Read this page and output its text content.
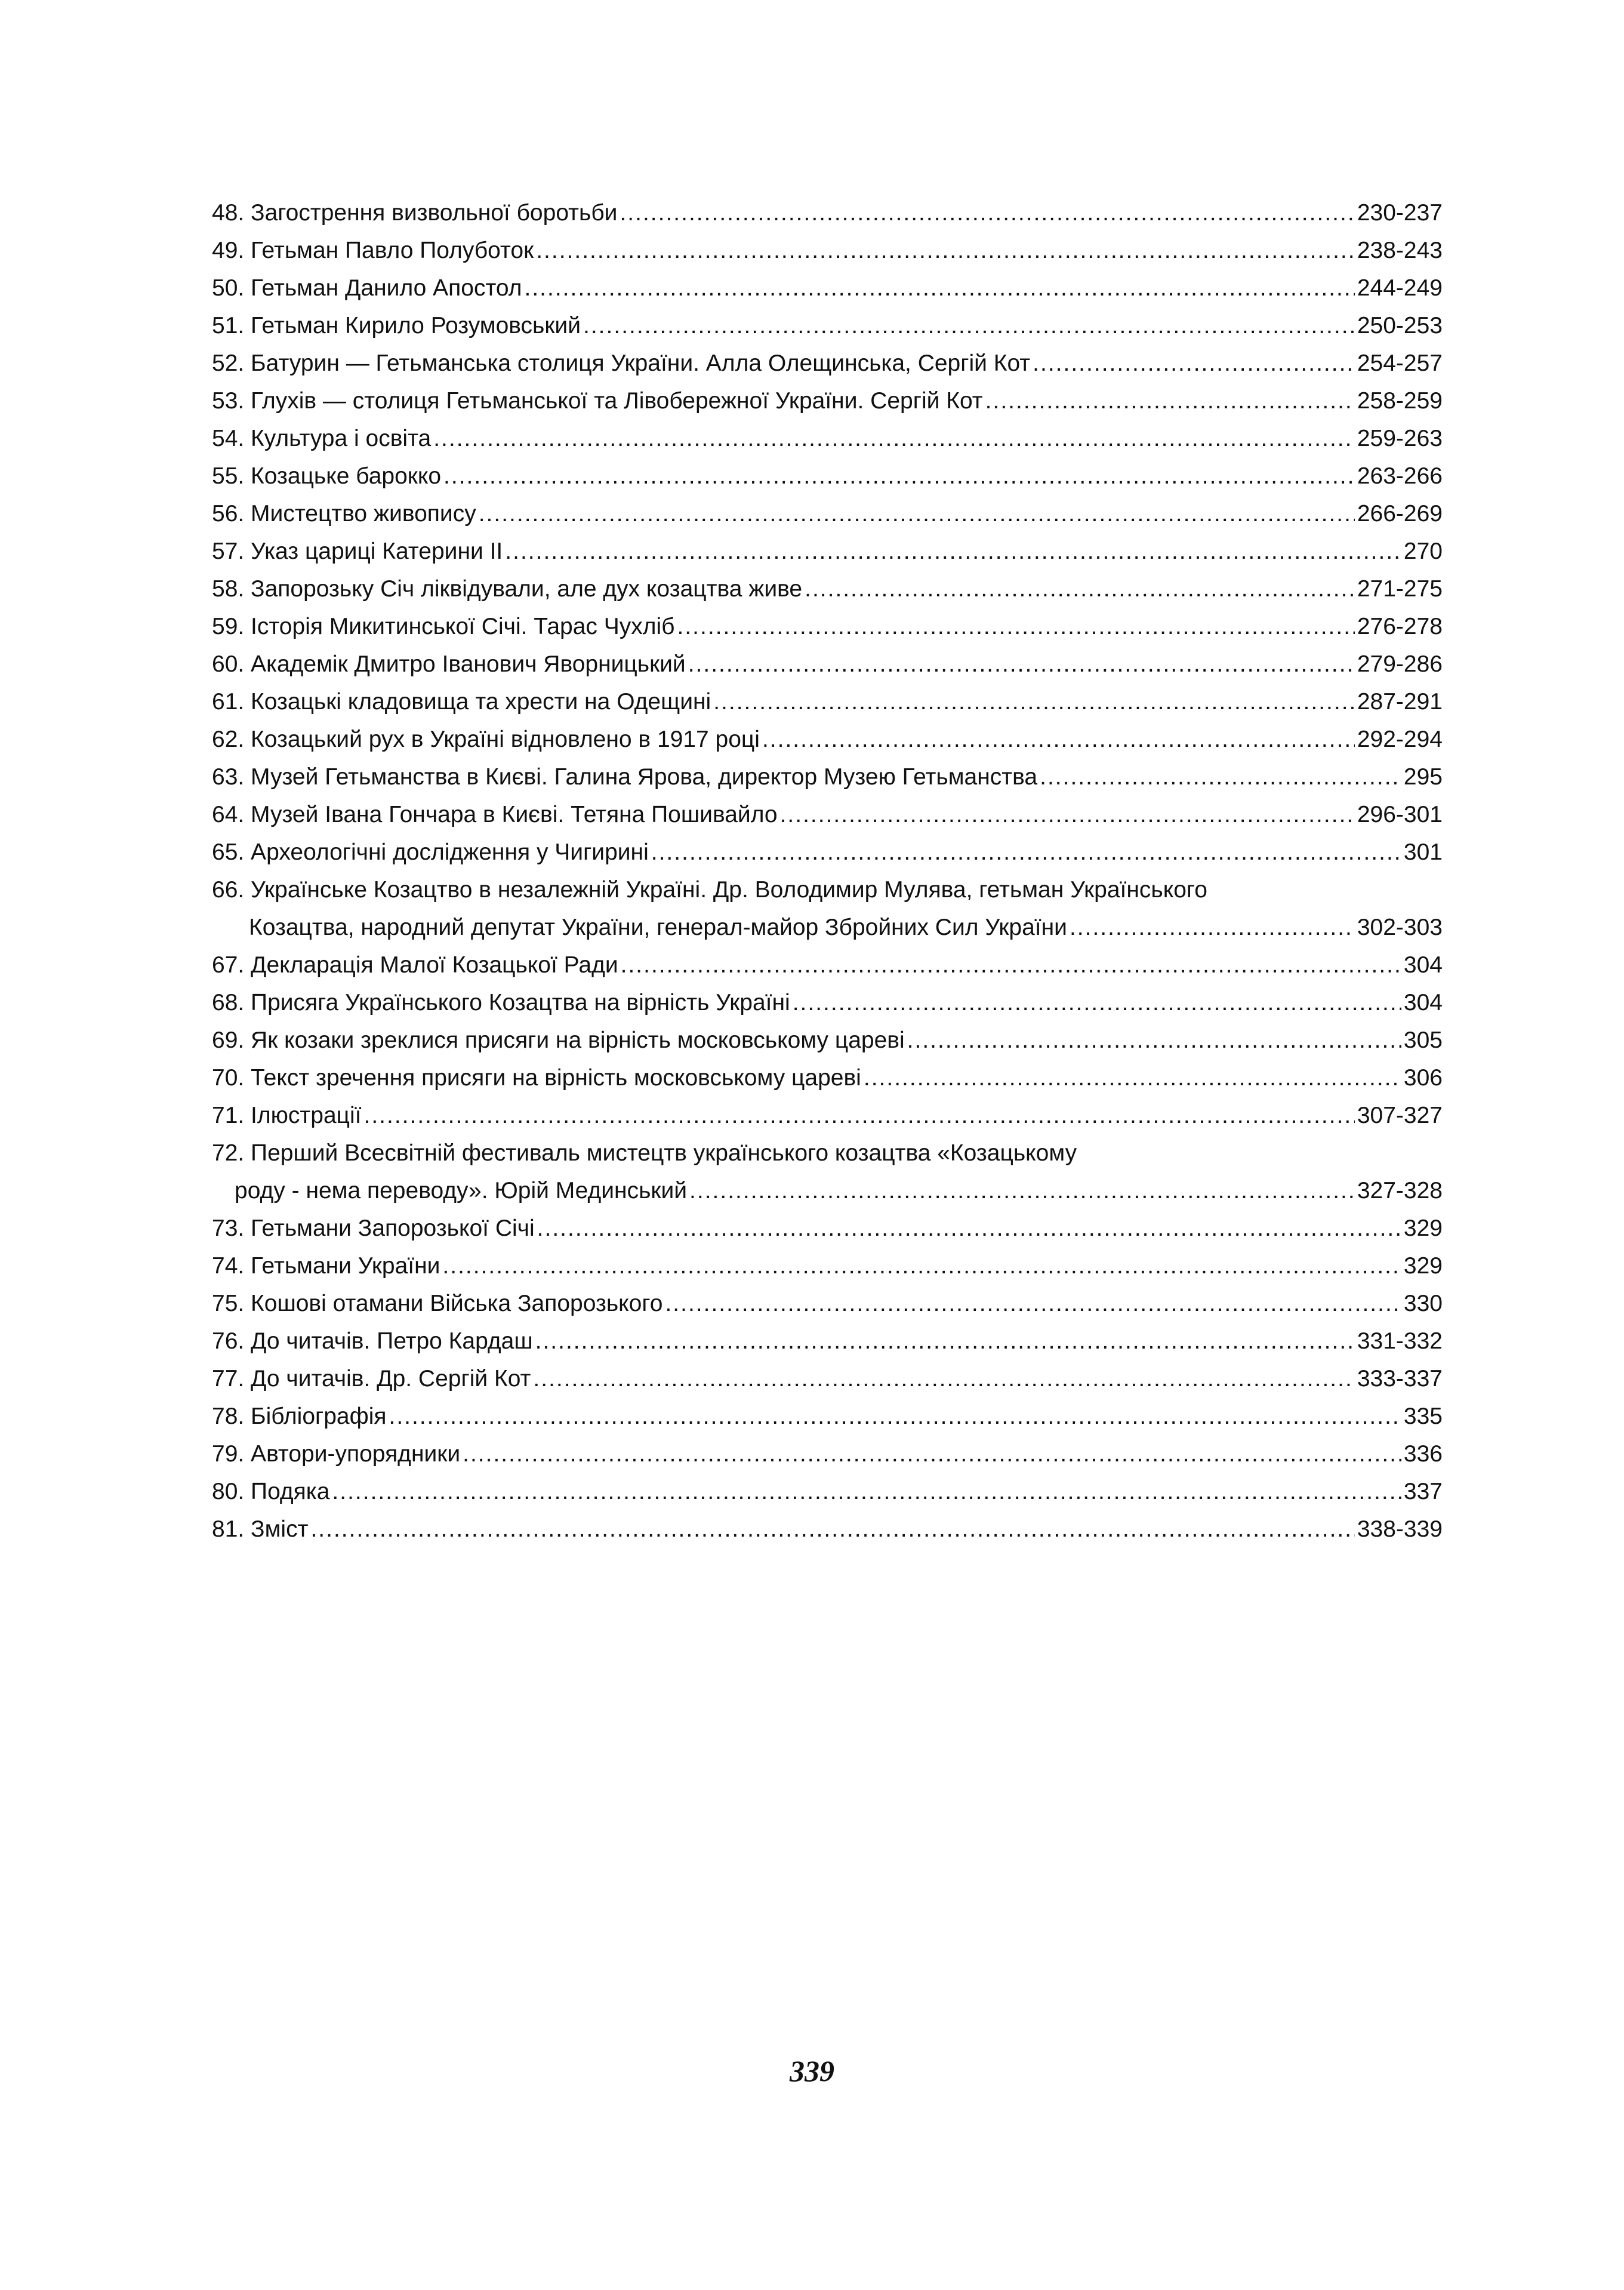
48. Загострення визвольної боротьби .....	230-237
49. Гетьман Павло Полуботок .....	238-243
50. Гетьман Данило Апостол .....	244-249
51. Гетьман Кирило Розумовський .....	250-253
52. Батурин — Гетьманська столиця України. Алла Олещинська, Сергій Кот .....	254-257
53. Глухів — столиця Гетьманської та Лівобережної України. Сергій Кот .....	258-259
54. Культура і освіта .....	259-263
55. Козацьке барокко .....	263-266
56. Мистецтво живопису .....	266-269
57. Указ цариці Катерини ІІ .....	270
58. Запорозьку Січ ліквідували, але дух козацтва живе .....	271-275
59. Історія Микитинської Січі. Тарас Чухліб .....	276-278
60. Академік Дмитро Іванович Яворницький .....	279-286
61. Козацькі кладовища та хрести на Одещині .....	287-291
62. Козацький рух в Україні відновлено в 1917 році .....	292-294
63. Музей Гетьманства в Києві. Галина Ярова, директор Музею Гетьманства .....	295
64. Музей Івана Гончара в Києві. Тетяна Пошивайло .....	296-301
65. Археологічні дослідження у Чигирині .....	301
66. Українське Козацтво в незалежній Україні. Др. Володимир Мулява, гетьман Українського
Козацтва, народний депутат України, генерал-майор Збройних Сил України .....	302-303
67. Декларація Малої Козацької Ради .....	304
68. Присяга Українського Козацтва на вірність Україні .....	304
69. Як козаки зреклися присяги на вірність московському цареві .....	305
70. Текст зречення присяги на вірність московському цареві .....	306
71. Ілюстрації .....	307-327
72. Перший Всесвітній фестиваль мистецтв українського козацтва «Козацькому
роду - нема переводу». Юрій Мединський .....	327-328
73. Гетьмани Запорозької Січі .....	329
74. Гетьмани України .....	329
75. Кошові отамани Війська Запорозького .....	330
76. До читачів. Петро Кардаш .....	331-332
77. До читачів. Др. Сергій Кот .....	333-337
78. Бібліографія .....	335
79. Автори-упорядники .....	336
80. Подяка .....	337
81. Зміст .....	338-339
339
